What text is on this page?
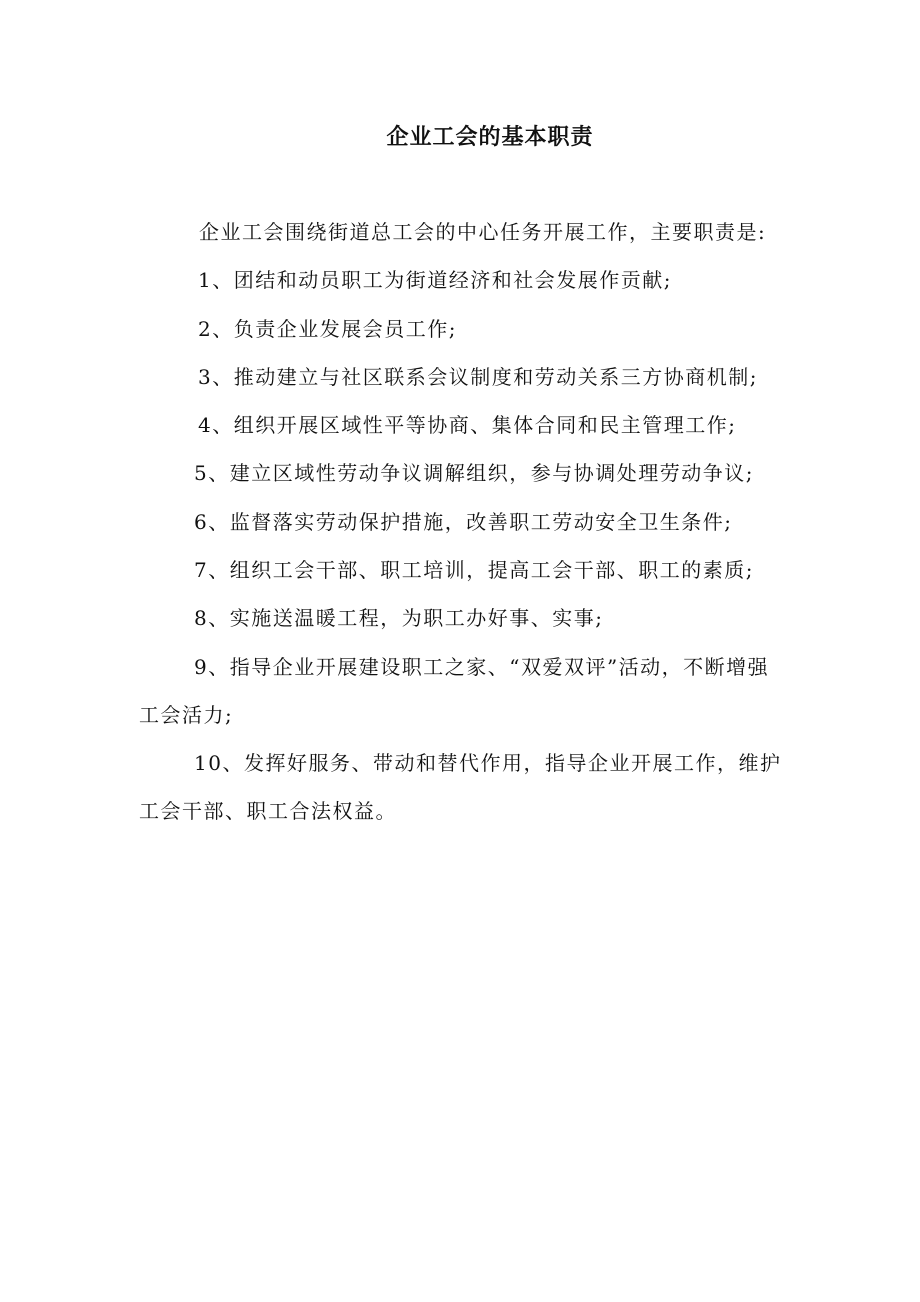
企业工会的基本职责
企业工会围绕街道总工会的中心任务开展工作，主要职责是:
1、团结和动员职工为街道经济和社会发展作贡献;
2、负责企业发展会员工作;
3、推动建立与社区联系会议制度和劳动关系三方协商机制;
4、组织开展区域性平等协商、集体合同和民主管理工作;
5、建立区域性劳动争议调解组织，参与协调处理劳动争议;
6、监督落实劳动保护措施，改善职工劳动安全卫生条件;
7、组织工会干部、职工培训，提高工会干部、职工的素质;
8、实施送温暖工程，为职工办好事、实事;
9、指导企业开展建设职工之家、“双爱双评”活动，不断增强
工会活力;
10、发挥好服务、带动和替代作用，指导企业开展工作，维护
工会干部、职工合法权益。
